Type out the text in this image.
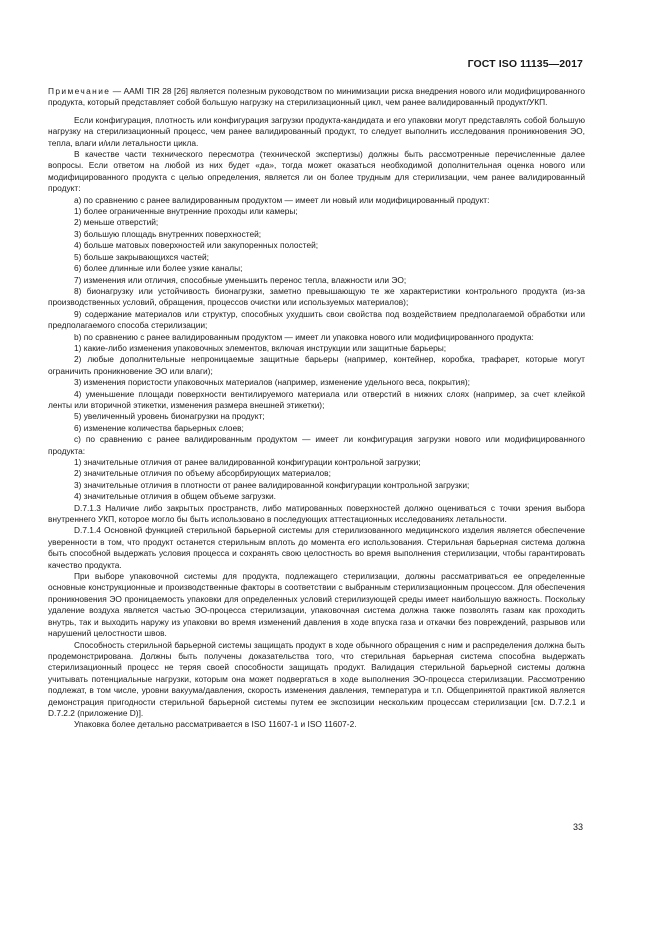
ГОСТ ISO 11135—2017

Примечание — AAMI TIR 28 [26] является полезным руководством по минимизации риска внедрения нового или модифицированного продукта, который представляет собой большую нагрузку на стерилизационный цикл, чем ранее валидированный продукт/УКП.

Если конфигурация, плотность или конфигурация загрузки продукта-кандидата и его упаковки могут представлять собой большую нагрузку на стерилизационный процесс, чем ранее валидированный продукт, то следует выполнить исследования проникновения ЭО, тепла, влаги и/или летальности цикла.

В качестве части технического пересмотра (технической экспертизы) должны быть рассмотренные перечисленные далее вопросы. Если ответом на любой из них будет «да», тогда может оказаться необходимой дополнительная оценка нового или модифицированного продукта с целью определения, является ли он более трудным для стерилизации, чем ранее валидированный продукт:

a) по сравнению с ранее валидированным продуктом — имеет ли новый или модифицированный продукт:

1) более ограниченные внутренние проходы или камеры;

2) меньше отверстий;

3) большую площадь внутренних поверхностей;

4) больше матовых поверхностей или закупоренных полостей;

5) больше закрывающихся частей;

6) более длинные или более узкие каналы;

7) изменения или отличия, способные уменьшить перенос тепла, влажности или ЭО;

8) бионагрузку или устойчивость бионагрузки, заметно превышающую те же характеристики контрольного продукта (из-за производственных условий, обращения, процессов очистки или используемых материалов);

9) содержание материалов или структур, способных ухудшить свои свойства под воздействием предполагаемой обработки или предполагаемого способа стерилизации;

b) по сравнению с ранее валидированным продуктом — имеет ли упаковка нового или модифицированного продукта:

1) какие-либо изменения упаковочных элементов, включая инструкции или защитные барьеры;

2) любые дополнительные непроницаемые защитные барьеры (например, контейнер, коробка, трафарет, которые могут ограничить проникновение ЭО или влаги);

3) изменения пористости упаковочных материалов (например, изменение удельного веса, покрытия);

4) уменьшение площади поверхности вентилируемого материала или отверстий в нижних слоях (например, за счет клейкой ленты или вторичной этикетки, изменения размера внешней этикетки);

5) увеличенный уровень бионагрузки на продукт;

6) изменение количества барьерных слоев;

c) по сравнению с ранее валидированным продуктом — имеет ли конфигурация загрузки нового или модифицированного продукта:

1) значительные отличия от ранее валидированной конфигурации контрольной загрузки;

2) значительные отличия по объему абсорбирующих материалов;

3) значительные отличия в плотности от ранее валидированной конфигурации контрольной загрузки;

4) значительные отличия в общем объеме загрузки.

D.7.1.3 Наличие либо закрытых пространств, либо матированных поверхностей должно оцениваться с точки зрения выбора внутреннего УКП, которое могло бы быть использовано в последующих аттестационных исследованиях летальности.

D.7.1.4 Основной функцией стерильной барьерной системы для стерилизованного медицинского изделия является обеспечение уверенности в том, что продукт останется стерильным вплоть до момента его использования. Стерильная барьерная система должна быть способной выдержать условия процесса и сохранять свою целостность во время выполнения стерилизации, чтобы гарантировать качество продукта.

При выборе упаковочной системы для продукта, подлежащего стерилизации, должны рассматриваться ее определенные основные конструкционные и производственные факторы в соответствии с выбранным стерилизационным процессом. Для обеспечения проникновения ЭО проницаемость упаковки для определенных условий стерилизующей среды имеет наибольшую важность. Поскольку удаление воздуха является частью ЭО-процесса стерилизации, упаковочная система должна также позволять газам как проходить внутрь, так и выходить наружу из упаковки во время изменений давления в ходе впуска газа и откачки без повреждений, разрывов или нарушений целостности швов.

Способность стерильной барьерной системы защищать продукт в ходе обычного обращения с ним и распределения должна быть продемонстрирована. Должны быть получены доказательства того, что стерильная барьерная система способна выдержать стерилизационный процесс не теряя своей способности защищать продукт. Валидация стерильной барьерной системы должна учитывать потенциальные нагрузки, которым она может подвергаться в ходе выполнения ЭО-процесса стерилизации. Рассмотрению подлежат, в том числе, уровни вакуума/давления, скорость изменения давления, температура и т.п. Общепринятой практикой является демонстрация пригодности стерильной барьерной системы путем ее экспозиции нескольким процессам стерилизации [см. D.7.2.1 и D.7.2.2 (приложение D)].

Упаковка более детально рассматривается в ISO 11607-1 и ISO 11607-2.

33
